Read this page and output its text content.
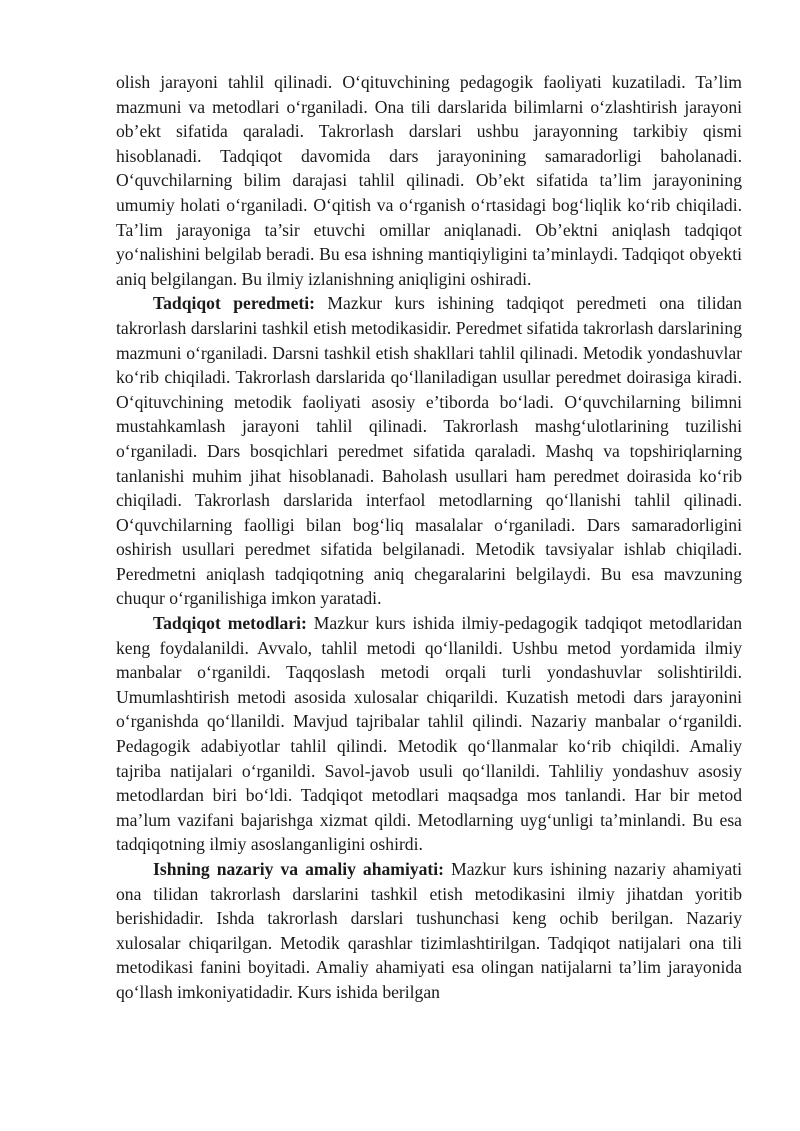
olish jarayoni tahlil qilinadi. O‘qituvchining pedagogik faoliyati kuzatiladi. Ta’lim mazmuni va metodlari o‘rganiladi. Ona tili darslarida bilimlarni o‘zlashtirish jarayoni ob’ekt sifatida qaraladi. Takrorlash darslari ushbu jarayonning tarkibiy qismi hisoblanadi. Tadqiqot davomida dars jarayonining samaradorligi baholanadi. O‘quvchilarning bilim darajasi tahlil qilinadi. Ob’ekt sifatida ta’lim jarayonining umumiy holati o‘rganiladi. O‘qitish va o‘rganish o‘rtasidagi bog‘liqlik ko‘rib chiqiladi. Ta’lim jarayoniga ta’sir etuvchi omillar aniqlanadi. Ob’ektni aniqlash tadqiqot yo‘nalishini belgilab beradi. Bu esa ishning mantiqiyligini ta’minlaydi. Tadqiqot obyekti aniq belgilangan. Bu ilmiy izlanishning aniqligini oshiradi.

Tadqiqot peredmeti: Mazkur kurs ishining tadqiqot peredmeti ona tilidan takrorlash darslarini tashkil etish metodikasidir. Peredmet sifatida takrorlash darslarining mazmuni o‘rganiladi. Darsni tashkil etish shakllari tahlil qilinadi. Metodik yondashuvlar ko‘rib chiqiladi. Takrorlash darslarida qo‘llaniladigan usullar peredmet doirasiga kiradi. O‘qituvchining metodik faoliyati asosiy e’tiborda bo‘ladi. O‘quvchilarning bilimni mustahkamlash jarayoni tahlil qilinadi. Takrorlash mashg‘ulotlarining tuzilishi o‘rganiladi. Dars bosqichlari peredmet sifatida qaraladi. Mashq va topshiriqlarning tanlanishi muhim jihat hisoblanadi. Baholash usullari ham peredmet doirasida ko‘rib chiqiladi. Takrorlash darslarida interfaol metodlarning qo‘llanishi tahlil qilinadi. O‘quvchilarning faolligi bilan bog‘liq masalalar o‘rganiladi. Dars samaradorligini oshirish usullari peredmet sifatida belgilanadi. Metodik tavsiyalar ishlab chiqiladi. Peredmetni aniqlash tadqiqotning aniq chegaralarini belgilaydi. Bu esa mavzuning chuqur o‘rganilishiga imkon yaratadi.

Tadqiqot metodlari: Mazkur kurs ishida ilmiy-pedagogik tadqiqot metodlaridan keng foydalanildi. Avvalo, tahlil metodi qo‘llanildi. Ushbu metod yordamida ilmiy manbalar o‘rganildi. Taqqoslash metodi orqali turli yondashuvlar solishtirildi. Umumlashtirish metodi asosida xulosalar chiqarildi. Kuzatish metodi dars jarayonini o‘rganishda qo‘llanildi. Mavjud tajribalar tahlil qilindi. Nazariy manbalar o‘rganildi. Pedagogik adabiyotlar tahlil qilindi. Metodik qo‘llanmalar ko‘rib chiqildi. Amaliy tajriba natijalari o‘rganildi. Savol-javob usuli qo‘llanildi. Tahliliy yondashuv asosiy metodlardan biri bo‘ldi. Tadqiqot metodlari maqsadga mos tanlandi. Har bir metod ma’lum vazifani bajarishga xizmat qildi. Metodlarning uyg‘unligi ta’minlandi. Bu esa tadqiqotning ilmiy asoslanganligini oshirdi.

Ishning nazariy va amaliy ahamiyati: Mazkur kurs ishining nazariy ahamiyati ona tilidan takrorlash darslarini tashkil etish metodikasini ilmiy jihatdan yoritib berishidadir. Ishda takrorlash darslari tushunchasi keng ochib berilgan. Nazariy xulosalar chiqarilgan. Metodik qarashlar tizimlashtirilgan. Tadqiqot natijalari ona tili metodikasi fanini boyitadi. Amaliy ahamiyati esa olingan natijalarni ta’lim jarayonida qo‘llash imkoniyatidadir. Kurs ishida berilgan
